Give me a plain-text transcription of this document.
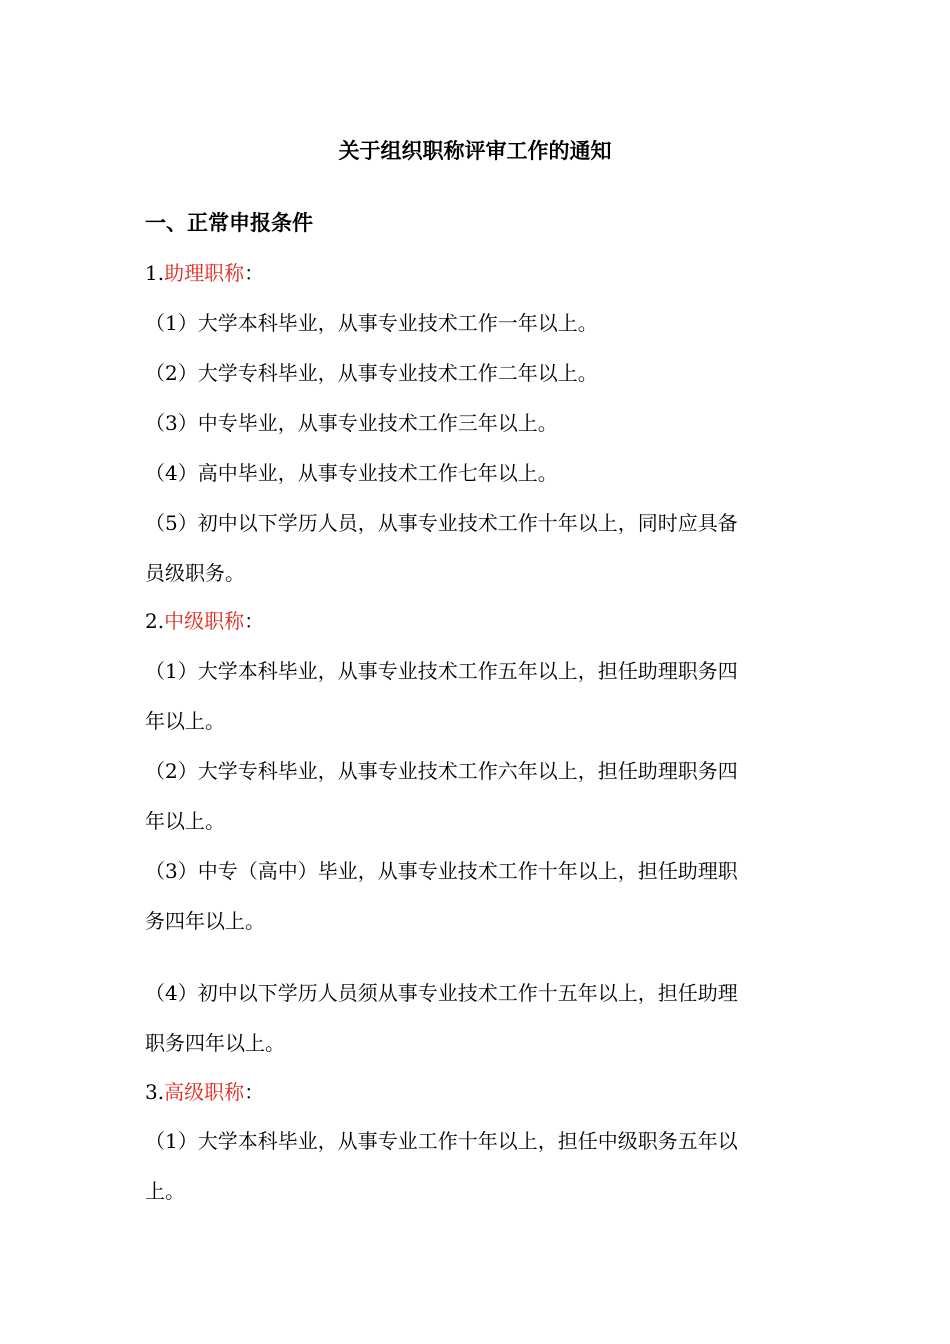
关于组织职称评审工作的通知
一、正常申报条件
1.助理职称：
（1）大学本科毕业，从事专业技术工作一年以上。
（2）大学专科毕业，从事专业技术工作二年以上。
（3）中专毕业，从事专业技术工作三年以上。
（4）高中毕业，从事专业技术工作七年以上。
（5）初中以下学历人员，从事专业技术工作十年以上，同时应具备
员级职务。
2.中级职称：
（1）大学本科毕业，从事专业技术工作五年以上，担任助理职务四
年以上。
（2）大学专科毕业，从事专业技术工作六年以上，担任助理职务四
年以上。
（3）中专（高中）毕业，从事专业技术工作十年以上，担任助理职
务四年以上。
（4）初中以下学历人员须从事专业技术工作十五年以上，担任助理
职务四年以上。
3.高级职称：
（1）大学本科毕业，从事专业工作十年以上，担任中级职务五年以
上。
